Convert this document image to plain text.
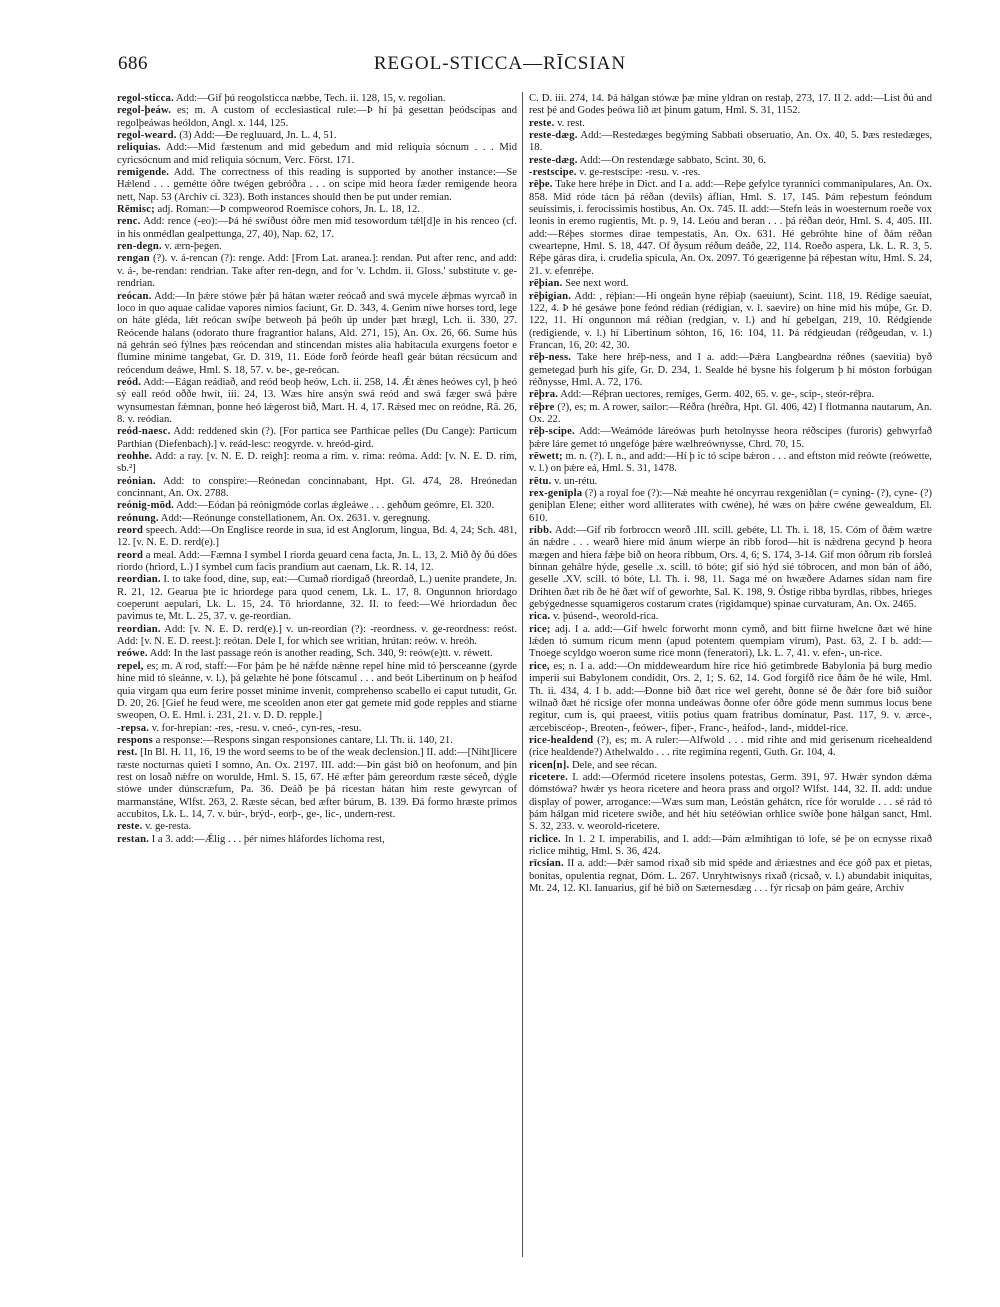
686	REGOL-STICCA—RĪCSIAN

regol-sticca. Add:—Gif þú reogolsticca næbbe, Tech. ii. 128, 15, v. regolian.

regol-þeáw. es; m. A custom of ecclesiastical rule:—Þ hí þá gesettan þeódscipas and regolþeáwas heóldon, Angl. x. 144, 125.

regol-weard. (3) Add:—Ðe regluuard, Jn. L. 4, 51.

reliquias. Add:—Mid fæstenum and mid gebedum and mid reliquia sócnum . . . Mid cyricsócnum and mid reliquia sócnum, Verc. Först. 171.

remigende. Add. The correctness of this reading is supported by another instance:—Se Hǽlend . . . gemétte óðre twégen gebróðra . . . on scipe mid heora fæder remigende heora nett, Nap. 53 (Archiv ci. 323). Both instances should then be put under remian.

Rēmisc; adj. Roman:—Þ compweorod Roemisce cohors, Jn. L. 18, 12.

renc. Add: rence (-eo):—Þá hé swíðust óðre men mid tesowordum tǽl[d]e in his renceo (cf. in his onmédlan gealpettunga, 27, 40), Nap. 62, 17.

ren-degn. v. ærn-þegen.

rengan (?). v. á-rencan (?): renge. Add: [From Lat. aranea.]: rendan. Put after renc, and add: v. á-, be-rendan: rendrian. Take after ren-degn, and for 'v. Lchdm. ii. Gloss.' substitute v. ge-rendrian.

reócan. Add:—In þǽre stówe þǽr þá hátan wæter reócað and swá mycele ǽþmas wyrcað in loco in quo aquae calidae vapores nimios faciunt, Gr. D. 343, 4. Genim níwe horses tord, lege on háte glédа, lǽt reócan swíþe betweoh þá þeóh úp under þæt hrægl, Lch. ii. 330, 27. Reócende halans (odorato thure fragrantior halans, Ald. 271, 15), An. Ox. 26, 66. Sume hús ná gehrán seó fýlnes þæs reócendan and stincendan mistes alia habitacula exurgens foetor e flumine minime tangebat, Gr. D. 319, 11. Eóde forð feórde heafl geár bútan récsúcum and reócendum deáwe, Hml. S. 18, 57. v. be-, ge-reócan.

reód. Add:—Eágan reádiað, and reód beoþ heów, Lch. ii. 258, 14. Ǽt ǽnes heówes cyl, þ heó sý eall reód oððe hwít, iii. 24, 13. Wæs hire ansýn swá reód and swá fæger swá þǽre wynsumestan fǽmnan, þonne heó lǽgerost bið, Mart. H. 4, 17. Rǽsed mec on reódne, Rä. 26, 8. v. reódian.

reód-naesc. Add: reddened skin (?). [For partica see Parthicae pelles (Du Cange): Particum Parthian (Diefenbach).] v. reád-lesc: reogyrde. v. hreód-gird.

reohhe. Add: a ray. [v. N. E. D. reigh]: reoma a rim. v. rima: reóma. Add: [v. N. E. D. rim, sb.²]

reónian. Add: to conspire:—Reónedan concinnabant, Hpt. Gl. 474, 28. Hreónedan concinnant, An. Ox. 2788.

reónig-mōd. Add:—Eódan þá reónigmóde corlas ǽgleáwe . . . gehðum geómre, El. 320.

reónung. Add:—Reónunge constellationem, An. Ox. 2631. v. geregnung.

reord speech. Add:—On Englisce reorde in sua, id est Anglorum, lingua, Bd. 4, 24; Sch. 481, 12. [v. N. E. D. rerd(e).]

reord a meal. Add:—Fæmna I symbel I riorda geuard cena facta, Jn. L. 13, 2. Mið ðý ðú dōes riordo (hriord, L.) I symbel cum facis prandium aut caenam, Lk. R. 14, 12.

reordian. I. to take food, dine, sup, eat:—Cumað riordigað (hreordað, L.) uenite prandete, Jn. R. 21, 12. Gearua þte ic hriordege para quod cenem, Lk. L. 17, 8. Ongunnon hriordago coeperunt aepulari, Lk. L. 15, 24. Tō hriordanne, 32. II. to feed:—Wé hriordadun ðec pavimus te, Mt. L. 25, 37. v. ge-reordian.

reordian. Add: [v. N. E. D. rerd(e).] v. un-reordian (?): -reordness. v. ge-reordness: reóst. Add: [v. N. E. D. reest.]: reótan. Dele I, for which see writian, hrútan: reów. v. hreóh.

reówe. Add: In the last passage reón is another reading, Sch. 340, 9: reów(e)tt. v. réwett.

repel, es; m. A rod, staff:—For þám þe hé nǽfde nǽnne repel hine mid tó þersceanne (gyrde hine mid tó sleánne, v. l.), þá gelæhte hé þone fótscamul . . . and beót Libertinum on þ heáfod quia virgam qua eum ferire posset minime invenit, comprehenso scabello ei caput tutudit, Gr. D. 20, 26. [Gief he feud were, me sceolden anon eter gat gemete mid gode repples and stiarne sweopen, O. E. Hml. i. 231, 21. v. D. D. repple.]

-repsa. v. for-hrepian: -res, -resu. v. cneó-, cyn-res, -resu.

respons a response:—Respons singan responsiones cantare, Ll. Th. ii. 140, 21.

rest. [In Bl. H. 11, 16, 19 the word seems to be of the weak declension.] II. add:—[Niht]licere ræste nocturnas quieti I somno, An. Ox. 2197. III. add:—Þin gást bið on heofonum, and þín rest on losað nǽfre on woruldе, Hml. S. 15, 67. Hé æfter þám gereordum ræste séceð, dýgle stówe under dúnscræfum, Pa. 36. Deáð þe þá ricestan hátan him reste gewyrcan of marmanstáne, Wlfst. 263, 2. Ræste sécan, bed æfter búrum, B. 139. Ðá formo hræste primos accubitos, Lk. L. 14, 7. v. búr-, brýd-, eorþ-, ge-, lic-, undern-rest.

reste. v. ge-resta.

restan. I a 3. add:—Ǽlig . . . þér nimes hláfordes líchoma rest,

C. D. iii. 274, 14. Þá hálgan stówæ þæ mine yldran on restaþ, 273, 17. II 2. add:—List ðú and rest þé and Godes þeówa lið æt þinum gatum, Hml. S. 31, 1152.

reste. v. rest.

reste-dæg. Add:—Restedæges begýming Sabbati obseruatio, An. Ox. 40, 5. Þæs restedæges, 18.

reste-dæg. Add:—On restendæge sabbato, Scint. 30, 6.

-restscipe. v. ge-restscipe: -resu. v. -res.

rēþe. Take here hréþe in Dict. and I a. add:—Reþe gefylce tyrannici commanipulares, An. Ox. 858. Mid róde tácn þá réðan (devils) áflian, Hml. S. 17, 145. Þám reþestum feóndum seuissimis, i. ferocissimis hostibus, An. Ox. 745. II. add:—Stefn leás in woesternum roeðe vox leonis in eremo rugientis, Mt. p. 9, 14. Leóu and beran . . . þá réðan deór, Hml. S. 4, 405. III. add:—Réþes stormes dirae tempestatis, An. Ox. 631. Hé gebróhte hine of ðám réðan cweartерne, Hml. S. 18, 447. Of ðysum réðum deáðe, 22, 114. Roeðo aspera, Lk. L. R. 3, 5. Réþe gáras dira, i. crudelia spicula, An. Ox. 2097. Tó geærigenne þá réþestan wítu, Hml. S. 24, 21. v. efenréþe.

rēþian. See next word.

rēþigian. Add: , réþian:—Hí ongeán hyne réþiaþ (saeuiunt), Scint. 118, 19. Rédige saeuiat, 122, 4. Þ hé gesáwe þone feónd rédian (rédigian, v. l. saevire) on hine mid his múþe, Gr. D. 122, 11. Hí ongunnon má réðian (redgian, v. l.) and hí gebelgan, 219, 10. Rédgiende (redigiende, v. l.) hí Libertinum sóhton, 16, 16: 104, 11. Þá rédgieudan (réðgeudan, v. l.) Francan, 16, 20: 42, 30.

rēþ-ness. Take here hréþ-ness, and I a. add:—Þǽra Langbeardna réðnes (saevitia) byð gemetegad þurh his gife, Gr. D. 234, 1. Sealde hé bysne his folgerum þ hí móston forbúgan réðnysse, Hml. A. 72, 176.

rēþra. Add:—Réþran uectores, remiges, Germ. 402, 65. v. ge-, scip-, steór-réþra.

rēþre (?), es; m. A rower, sailor:—Réðra (hréðra, Hpt. Gl. 406, 42) I flotmanna nautarum, An. Ox. 22.

rēþ-scipe. Add:—Weámóde láreówas þurh hetolnysse heora réðscipes (furoris) gehwyrfað þǽre láre gemet tó ungefóge þǽre wælhreównysse, Chrd. 70, 15.

rēwett; m. n. (?). I. n., and add:—Hí þ ic tó scipe bǽron . . . and eftston mid reówte (reówette, v. l.) on þǽre eá, Hml. S. 31, 1478.

rētu. v. un-rétu.

rex-genīpla (?) a royal foe (?):—Nǽ meahte hé oncyrrau rexgeniðlan (= cyning- (?), cyne- (?) geniþlan Elene; either word alliterates with cwéne), hé wæs on þǽre cwéne gewealdum, El. 610.

ribb. Add:—Gif rib forbroccn weorð .III. scill. gebéte, Ll. Th. i. 18, 15. Cóm of ðǽm wætre án nǽdre . . . wearð hiere mid ánum wierpe án ribb forod—hit is nǽdrena gecynd þ heora mægen and hiera fǽþe bið on heora ribbum, Ors. 4, 6; S. 174, 3-14. Gif mon óðrum rib forsleá binnan gehálre hýde, geselle .x. scill. tó bóte; gif sió hýd sié tóbrocen, and mon bán of áðó, geselle .XV. scill. tó bóte, Ll. Th. i. 98, 11. Saga mé on hwæðere Adames sídan nam fire Drihten ðæt rib ðe hé ðæt wíf of geworhte, Sal. K. 198, 9. Óstige ribba byrdlas, ribbes, hrieges gebýgednesse squamigeros costarum crates (rigidamque) spinae curvaturam, An. Ox. 2465.

rica. v. þúsend-, weorold-rica.

rice; adj. I a. add:—Gif hwelc forworht monn cymð, and bitt fiirne hwelcne ðæt wé hine lǽden tó sumum ricum menn (apud potentem quempiam virum), Past. 63, 2. I b. add:—Tnoege scyldgo woeron sume rice monn (feneratori), Lk. L. 7, 41. v. efen-, un-rice.

rice, es; n. I a. add:—On middeweardum hire rice hió getimbrede Babylonia þá burg medio imperii sui Babylonem condidit, Ors. 2, 1; S. 62, 14. God forgifð rice ðám ðe hé wile, Hml. Th. ii. 434, 4. I b. add:—Ðonne bið ðæt rice wel gereht, ðonne sé ðe ðǽr fore bið suíðor wilnað ðæt hé ricsige ofer monna undeáwas ðonne ofer óðre góde menn summus locus bene regitur, cum is, qui praeest, vitiis potius quam fratribus dominatur, Past. 117, 9. v. ærce-, ærcebiscéop-, Breoten-, feówer-, fiþer-, Franc-, heáfod-, land-, middel-rice.

rice-healdend (?), es; m. A ruler:—Alfwold . . . mid rihte and mid gerisenum ricehealdend (rice healdende?) Athelwaldo . . . rite regimina regenti, Guth. Gr. 104, 4.

ricen[n]. Dele, and see récan.

ricetere. I. add:—Ofermód ricetere insolens potestas, Germ. 391, 97. Hwǽr syndon dǽma dómstówa? hwǽr ys heora ricetere and heora prass and orgol? Wlfst. 144, 32. II. add: undue display of power, arrogance:—Wæs sum man, Leóstán gehátcn, ríce fór worulde . . . sé rád tó þám hálgan mid ricetere swíðe, and hét hiu setéówian orhlice swíðe þone hálgan sanct, Hml. S. 32, 233. v. weorold-ricetere.

riclice. In 1. 2 I. imperabilis, and I. add:—Þám ælmihtigan tó lofe, sé þe on ecnysse rixað riclice mihtig, Hml. S. 36, 424.

rīcsian. II a. add:—Þǽr samod rixað sib mid spéde and ǽriæstnes and éce góð pax et pietas, bonitas, opulentia regnat, Dóm. L. 267. Unryhtwisnys rixað (ricsað, v. l.) abundabit iniquitas, Mt. 24, 12. Kl. Ianuarius, gif hé bið on Sæternesdæg . . . fýr ricsaþ on þám geáre, Archiv
